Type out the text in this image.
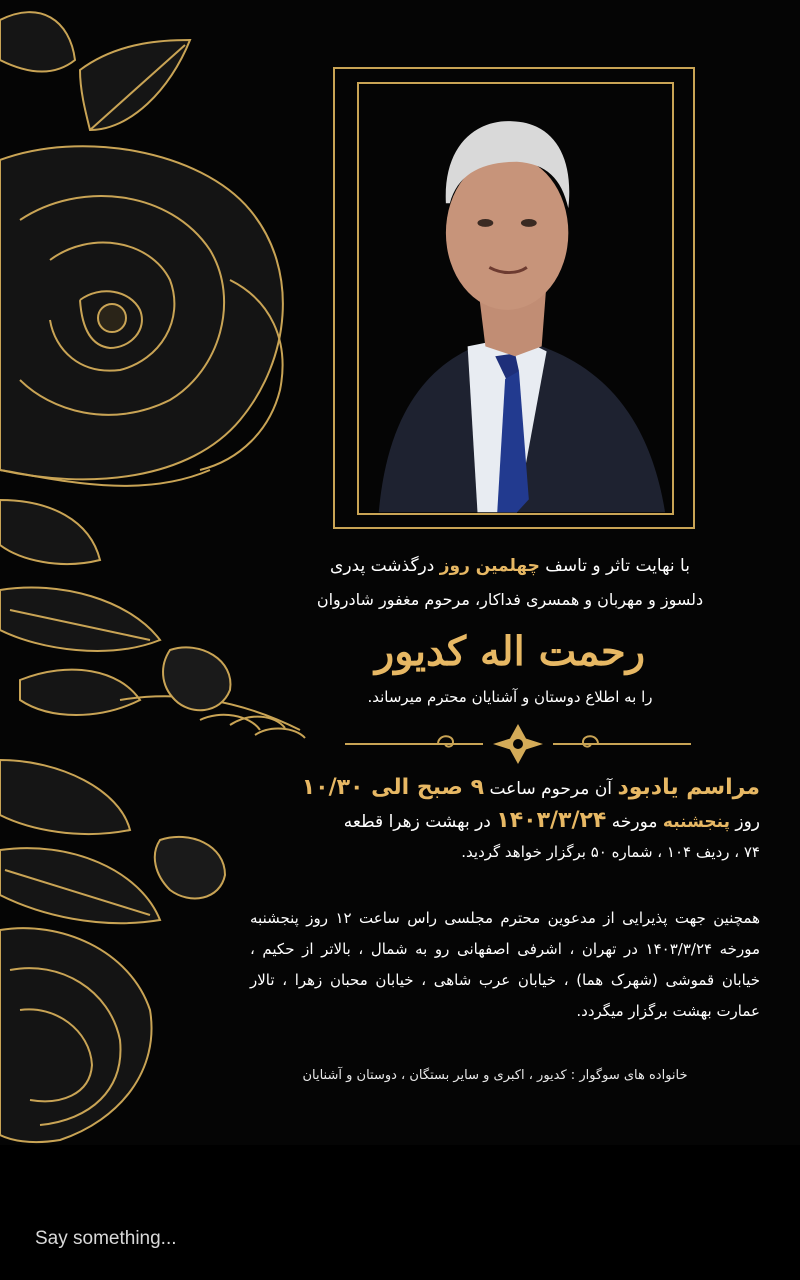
با نهایت تاثر و تاسف چهلمین روز درگذشت پدری
دلسوز و مهربان و همسری فداکار، مرحوم مغفور شادروان
رحمت اله کدیور
را به اطلاع دوستان و آشنایان محترم میرساند.
مراسم یادبود آن مرحوم ساعت ۹ صبح الی ۱۰/۳۰
روز پنجشنبه مورخه ۱۴۰۳/۳/۲۴ در بهشت زهرا قطعه
۷۴ ، ردیف ۱۰۴ ، شماره ۵۰ برگزار خواهد گردید.
همچنین جهت پذیرایی از مدعوین محترم مجلسی راس ساعت ۱۲ روز پنجشنبه مورخه ۱۴۰۳/۳/۲۴ در تهران ، اشرفی اصفهانی رو به شمال ، بالاتر از حکیم ، خیابان قموشی (شهرک هما) ، خیابان عرب شاهی ، خیابان محبان زهرا ، تالار عمارت بهشت برگزار میگردد.
خانواده های سوگوار : کدیور ، اکبری و سایر بستگان ، دوستان و آشنایان
Say something...
